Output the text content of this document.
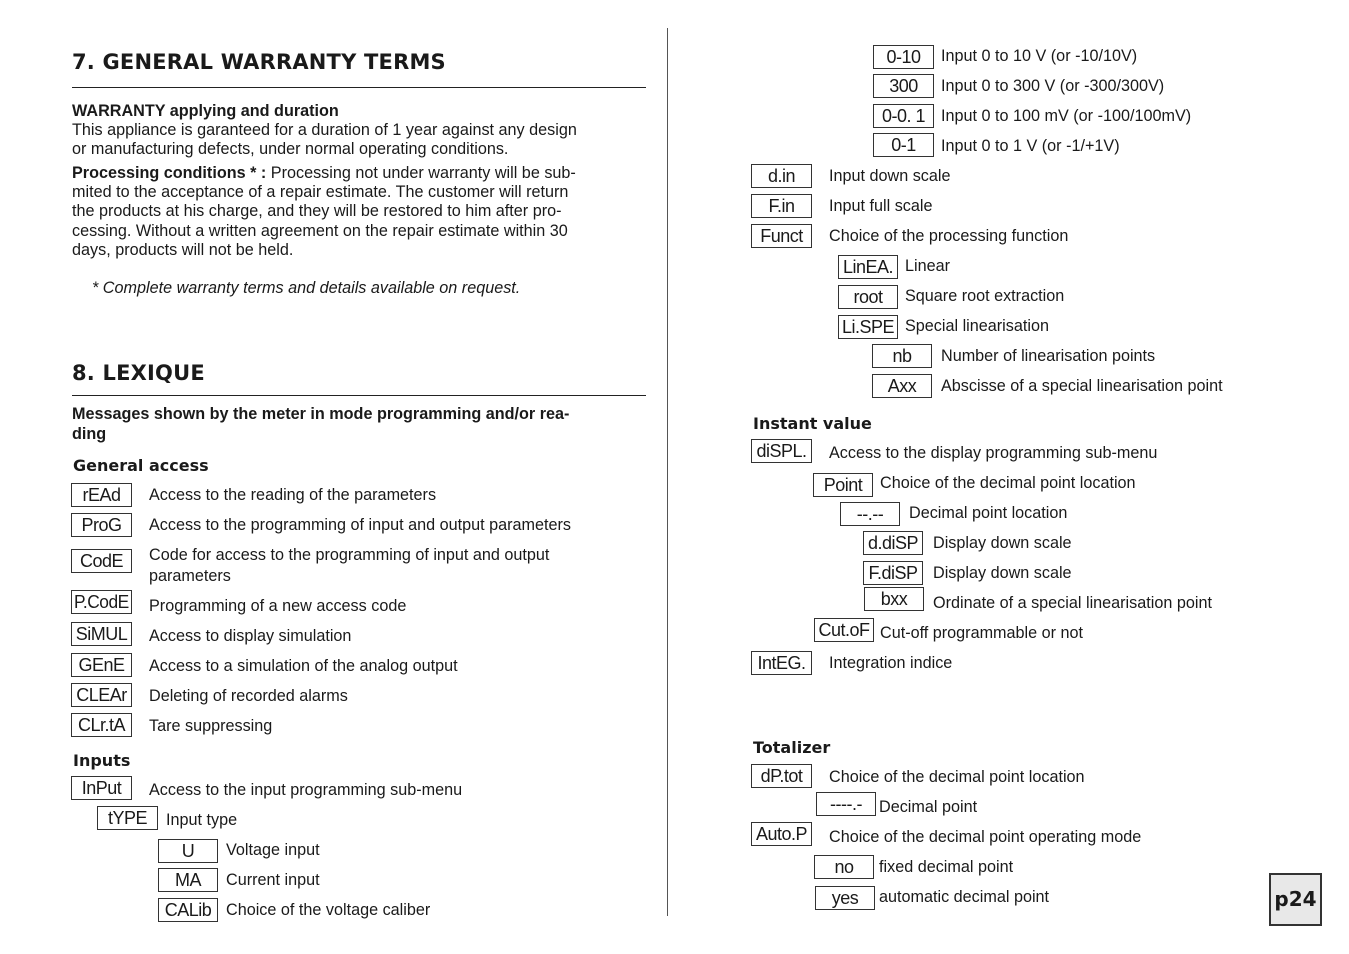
7. GENERAL WARRANTY TERMS
WARRANTY applying and duration
This appliance is garanteed for a duration of 1 year against any design
or manufacturing defects, under normal operating conditions.
Processing conditions * : Processing not under warranty will be sub-
mited to the acceptance of a repair estimate. The customer will return
the products at his charge, and they will be restored to him after pro-
cessing. Without a written agreement on the repair estimate within 30
days, products will not be held.
* Complete warranty terms and details available on request.
8. LEXIQUE
Messages shown by the meter in mode programming and/or rea-
ding
General access
rEAd	Access to the reading of the parameters
ProG	Access to the programming of input and output parameters
CodE	Code for access to the programming of input and output
parameters
P.CodE Programming of a new access code
SiMUL Access to display simulation
GEnE	Access to a simulation of the analog output
CLEAr	Deleting of recorded alarms
CLr.tA	Tare suppressing
Inputs
InPut	Access to the input programming sub-menu
tYPE	Input type
U	Voltage input
MA	Current input
CALib Choice of the voltage caliber
0-10	Input 0 to 10 V (or -10/10V)
300	Input 0 to 300 V (or -300/300V)
0-0. 1 Input 0 to 100 mV (or -100/100mV)
0-1	Input 0 to 1 V (or -1/+1V)
d.in	Input down scale
F.in	Input full scale
Funct	Choice of the processing function
LinEA. Linear
root	Square root extraction
Li.SPE Special linearisation
nb	Number of linearisation points
Axx	Abscisse of a special linearisation point
Instant value
diSPL.	Access to the display programming sub-menu
Point	Choice of the decimal point location
--.--	Decimal point location
d.diSP Display down scale
F.diSP Display down scale
bxx	Ordinate of a special linearisation point
Cut.oF Cut-off programmable or not
IntEG.	Integration indice
Totalizer
dP.tot	Choice of the decimal point location
----.-	Decimal point
Auto.P	Choice of the decimal point operating mode
no	fixed decimal point
yes	automatic decimal point	p24
